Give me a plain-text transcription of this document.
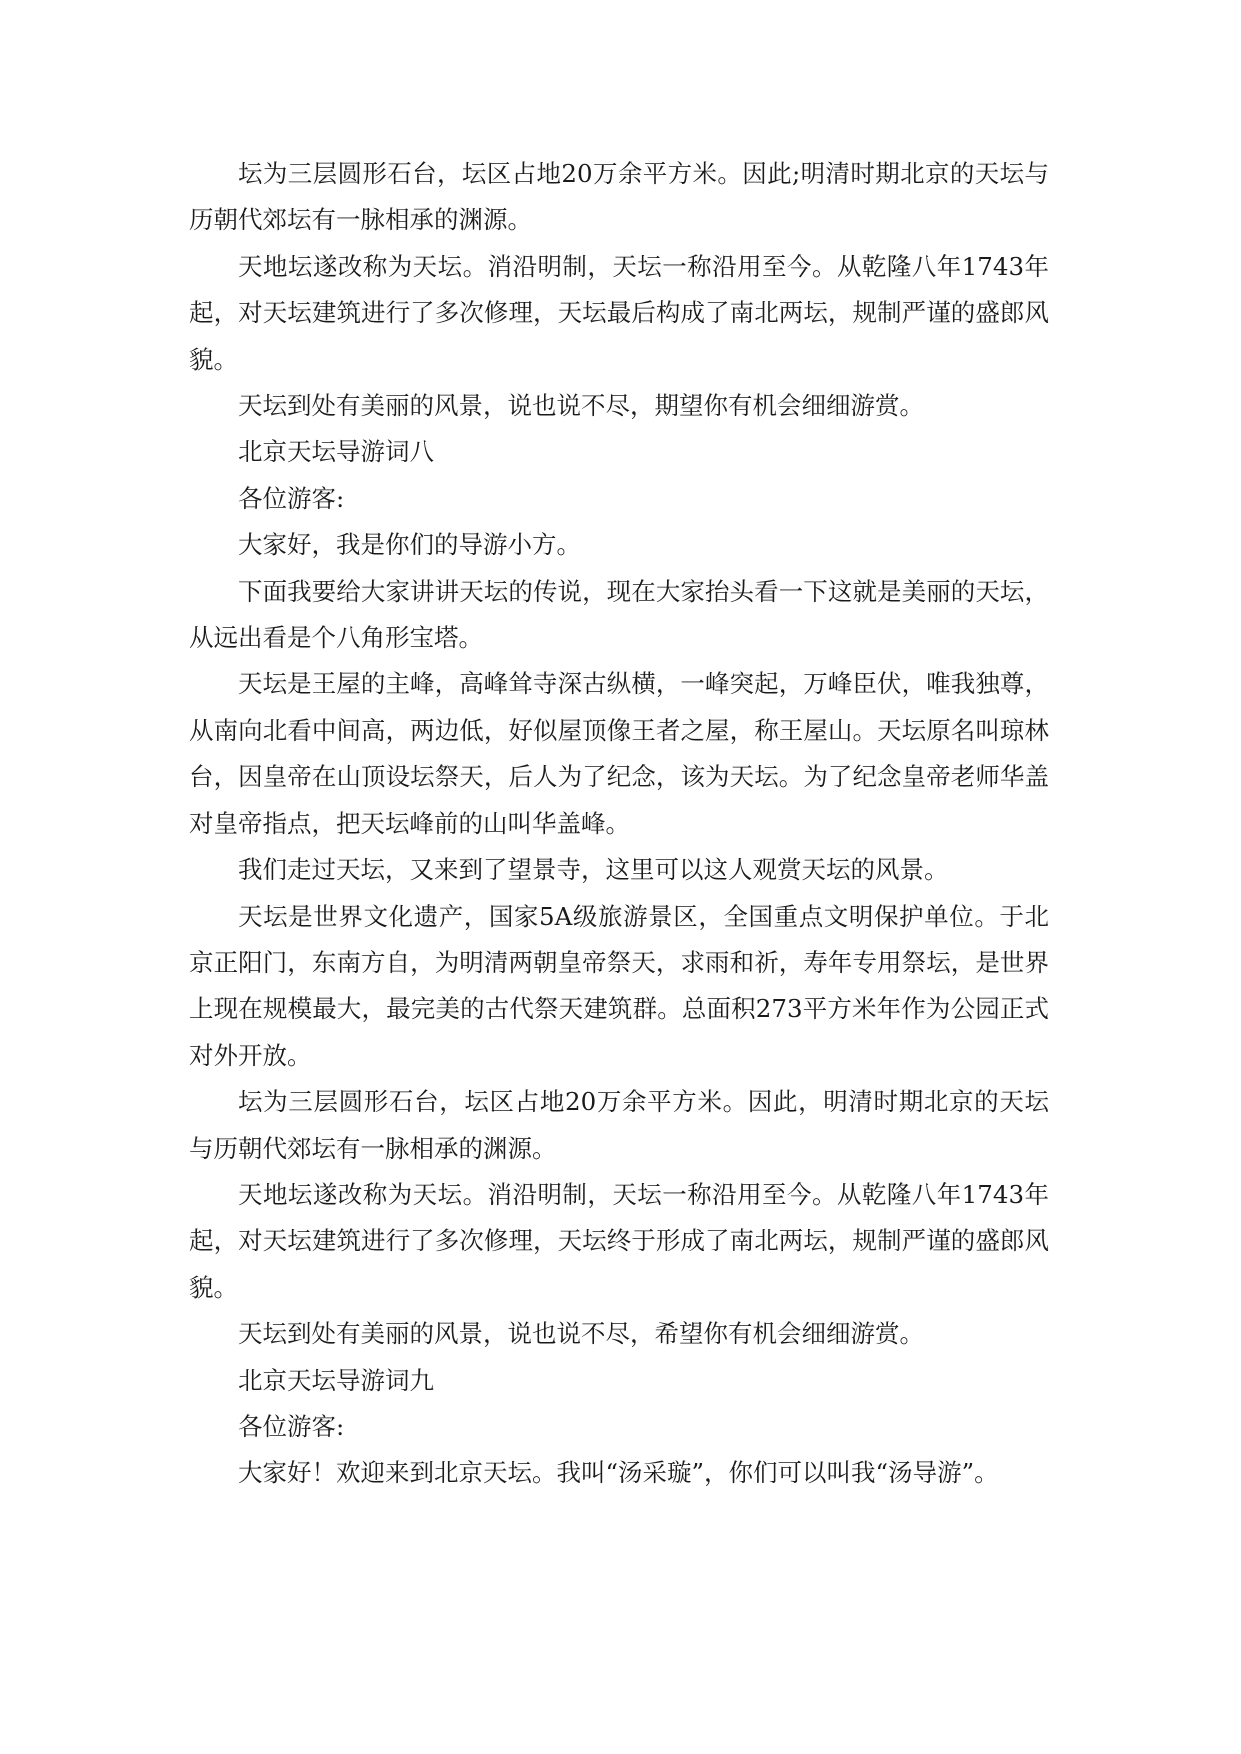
坛为三层圆形石台，坛区占地20万余平方米。因此;明清时期北京的天坛与历朝代郊坛有一脉相承的渊源。

天地坛遂改称为天坛。消沿明制，天坛一称沿用至今。从乾隆八年1743年起，对天坛建筑进行了多次修理，天坛最后构成了南北两坛，规制严谨的盛郎风貌。

天坛到处有美丽的风景，说也说不尽，期望你有机会细细游赏。

北京天坛导游词八

各位游客:

大家好，我是你们的导游小方。

下面我要给大家讲讲天坛的传说，现在大家抬头看一下这就是美丽的天坛，从远出看是个八角形宝塔。

天坛是王屋的主峰，高峰耸寺深古纵横，一峰突起，万峰臣伏，唯我独尊，从南向北看中间高，两边低，好似屋顶像王者之屋，称王屋山。天坛原名叫琼林台，因皇帝在山顶设坛祭天，后人为了纪念，该为天坛。为了纪念皇帝老师华盖对皇帝指点，把天坛峰前的山叫华盖峰。

我们走过天坛，又来到了望景寺，这里可以这人观赏天坛的风景。

天坛是世界文化遗产，国家5A级旅游景区，全国重点文明保护单位。于北京正阳门，东南方自，为明清两朝皇帝祭天，求雨和祈，寿年专用祭坛，是世界上现在规模最大，最完美的古代祭天建筑群。总面积273平方米年作为公园正式对外开放。

坛为三层圆形石台，坛区占地20万余平方米。因此，明清时期北京的天坛与历朝代郊坛有一脉相承的渊源。

天地坛遂改称为天坛。消沿明制，天坛一称沿用至今。从乾隆八年1743年起，对天坛建筑进行了多次修理，天坛终于形成了南北两坛，规制严谨的盛郎风貌。

天坛到处有美丽的风景，说也说不尽，希望你有机会细细游赏。

北京天坛导游词九

各位游客:

大家好！欢迎来到北京天坛。我叫“汤采璇”，你们可以叫我“汤导游”。
